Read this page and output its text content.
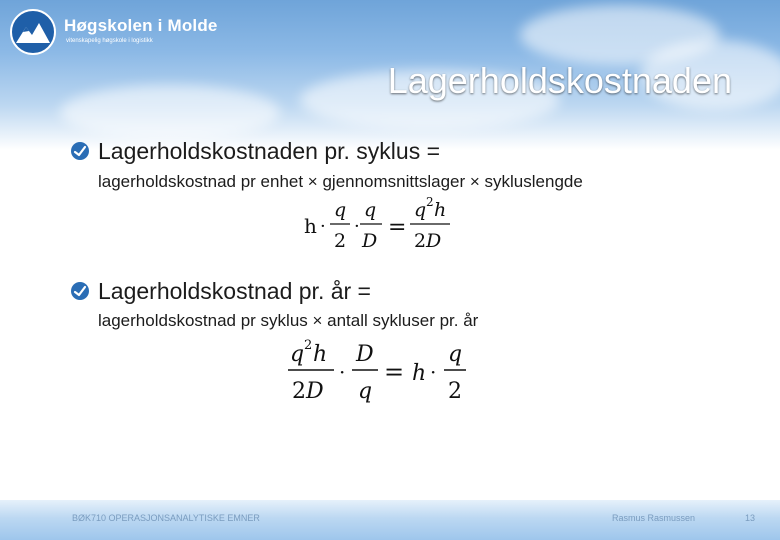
Høgskolen i Molde
vitenskapelig høgskole i logistikk
Lagerholdskostnaden
Lagerholdskostnaden pr. syklus =
lagerholdskostnad pr enhet × gjennomsnittslager × sykluslengde
h ·
q
2
·
q
D
=
q 2 h
2 D
Lagerholdskostnad pr. år =
lagerholdskostnad pr syklus × antall sykluser pr. år
q 2 h
2 D
·
D
q
= h ·
q
2
BØK710 OPERASJONSANALYTISKE EMNER	Rasmus Rasmussen	13
